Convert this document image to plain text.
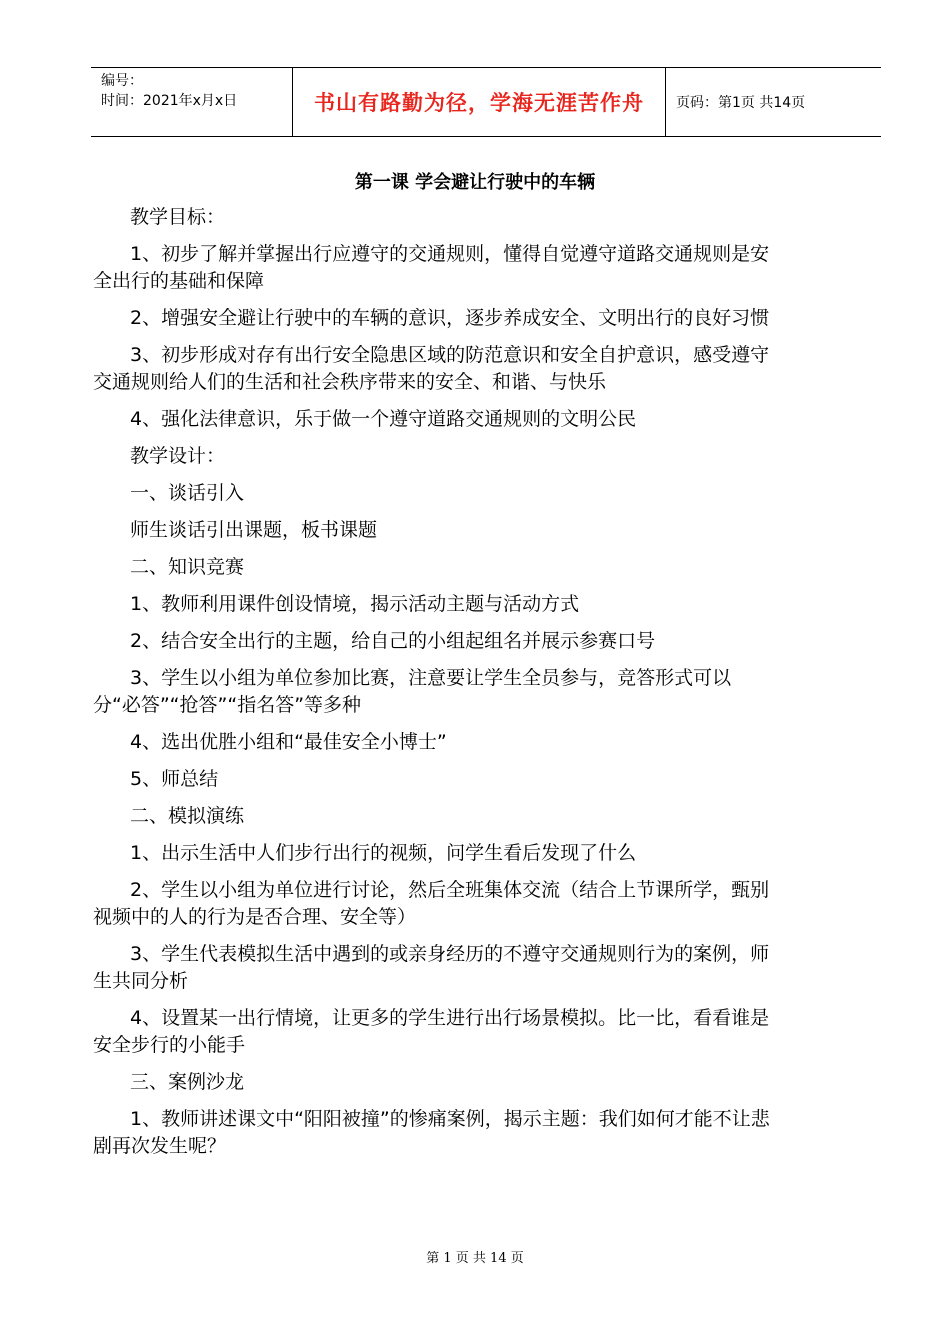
编号：
时间：2021年x月x日	书山有路勤为径，学海无涯苦作舟	页码：第1页 共14页
第一课 学会避让行驶中的车辆

教学目标：

1、初步了解并掌握出行应遵守的交通规则，懂得自觉遵守道路交通规则是安全出行的基础和保障

2、增强安全避让行驶中的车辆的意识，逐步养成安全、文明出行的良好习惯

3、初步形成对存有出行安全隐患区域的防范意识和安全自护意识，感受遵守交通规则给人们的生活和社会秩序带来的安全、和谐、与快乐

4、强化法律意识，乐于做一个遵守道路交通规则的文明公民

教学设计：

一、谈话引入

师生谈话引出课题，板书课题

二、知识竞赛

1、教师利用课件创设情境，揭示活动主题与活动方式

2、结合安全出行的主题，给自己的小组起组名并展示参赛口号

3、学生以小组为单位参加比赛，注意要让学生全员参与，竞答形式可以分“必答”“抢答”“指名答”等多种

4、选出优胜小组和“最佳安全小博士”

5、师总结

二、模拟演练

1、出示生活中人们步行出行的视频，问学生看后发现了什么

2、学生以小组为单位进行讨论，然后全班集体交流（结合上节课所学，甄别视频中的人的行为是否合理、安全等）

3、学生代表模拟生活中遇到的或亲身经历的不遵守交通规则行为的案例，师生共同分析

4、设置某一出行情境，让更多的学生进行出行场景模拟。比一比，看看谁是安全步行的小能手

三、案例沙龙

1、教师讲述课文中“阳阳被撞”的惨痛案例，揭示主题：我们如何才能不让悲剧再次发生呢？

第 1 页 共 14 页
